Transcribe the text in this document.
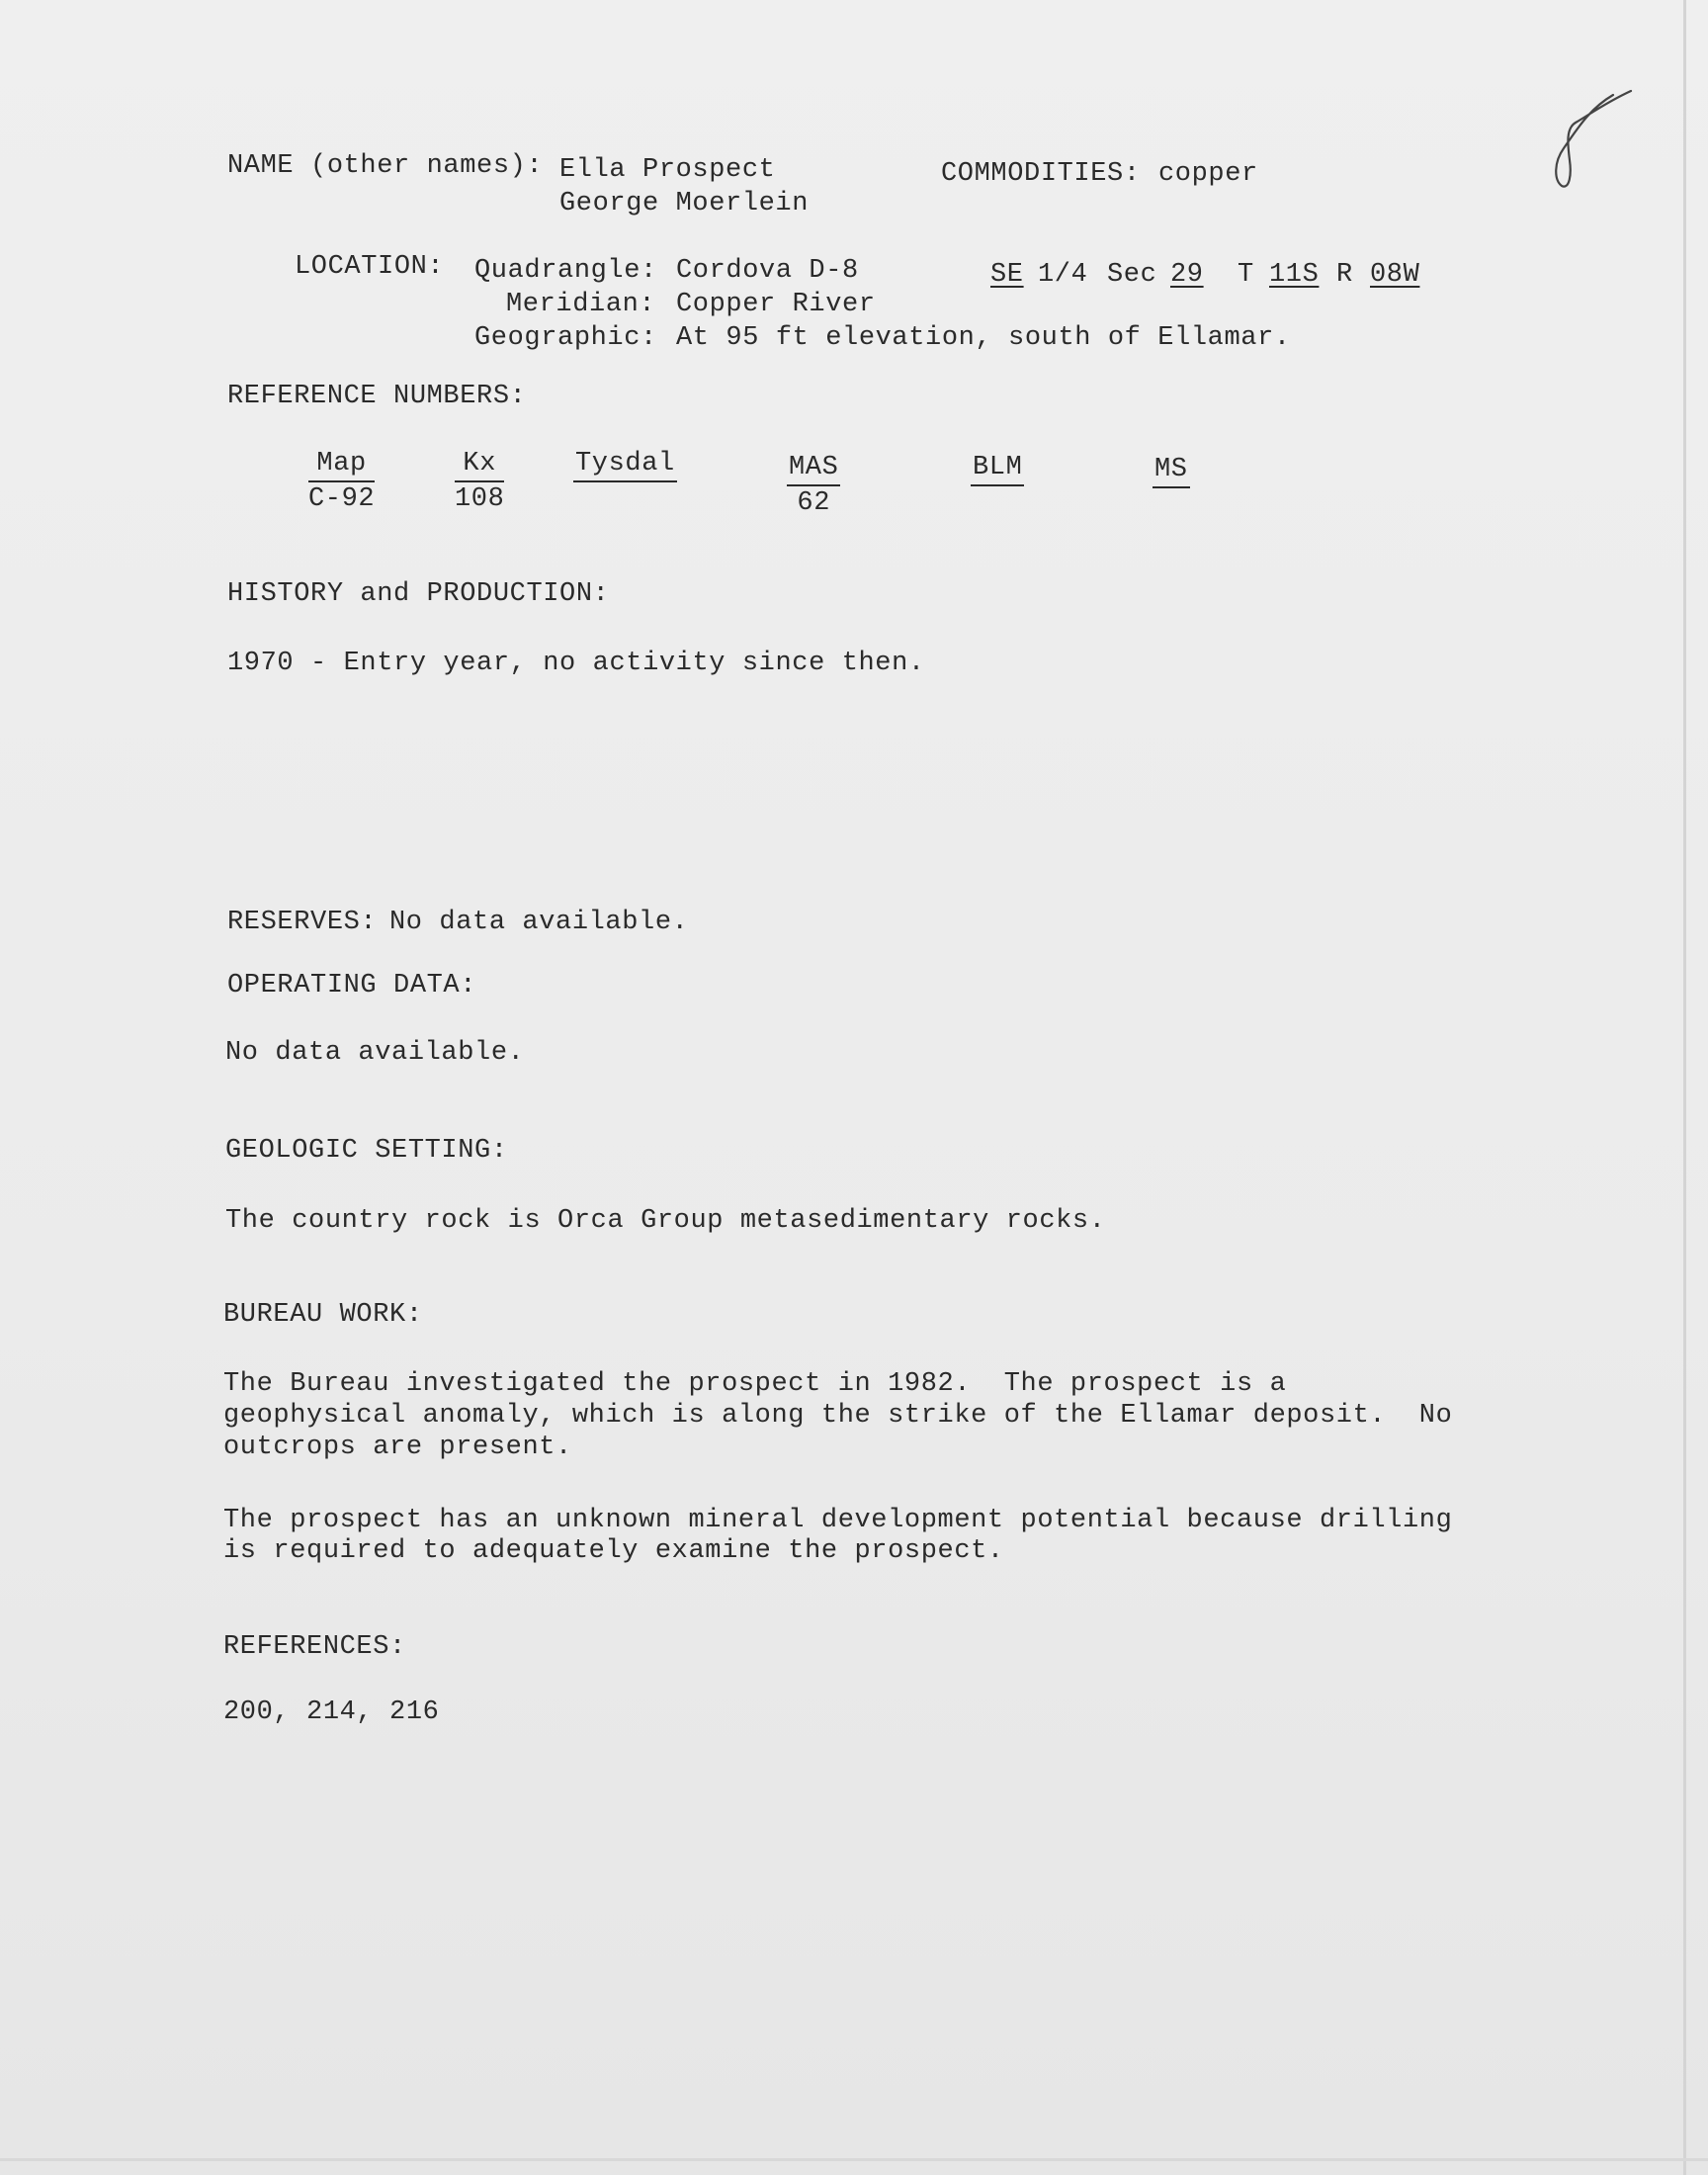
NAME (other names): Ella Prospect
George Moerlein
COMMODITIES: copper
LOCATION: Quadrangle: Cordova D-8
Meridian: Copper River
Geographic: At 95 ft elevation, south of Ellamar.
SE 1/4 Sec 29 T 11S R 08W
REFERENCE NUMBERS:
Map
C-92
Kx
108
Tysdal	MAS
62
BLM	MS
HISTORY and PRODUCTION:
1970 - Entry year, no activity since then.
RESERVES: No data available.
OPERATING DATA:
No data available.
GEOLOGIC SETTING:
The country rock is Orca Group metasedimentary rocks.
BUREAU WORK:
The Bureau investigated the prospect in 1982.  The prospect is a
geophysical anomaly, which is along the strike of the Ellamar deposit.  No
outcrops are present.
The prospect has an unknown mineral development potential because drilling
is required to adequately examine the prospect.
REFERENCES:
200, 214, 216
